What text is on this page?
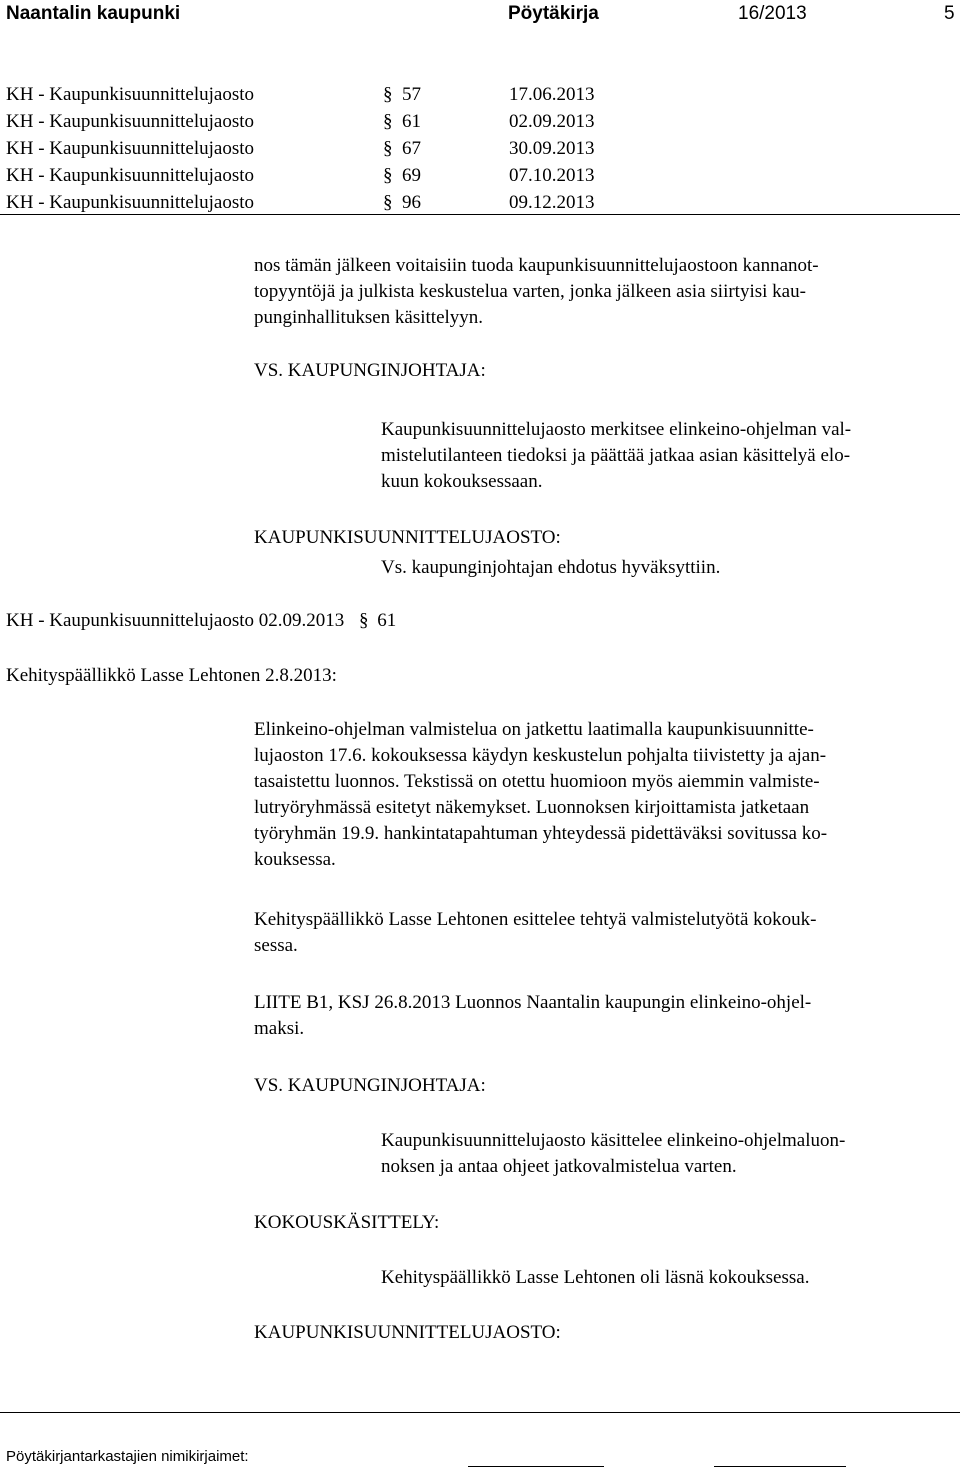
Naantalin kaupunki	Pöytäkirja	16/2013	5
KH - Kaupunkisuunnittelujaosto	§ 57	17.06.2013
KH - Kaupunkisuunnittelujaosto	§ 61	02.09.2013
KH - Kaupunkisuunnittelujaosto	§ 67	30.09.2013
KH - Kaupunkisuunnittelujaosto	§ 69	07.10.2013
KH - Kaupunkisuunnittelujaosto	§ 96	09.12.2013
nos tämän jälkeen voitaisiin tuoda kaupunkisuunnittelujaostoon kannanot-
topyyntöjä ja julkista keskustelua varten, jonka jälkeen asia siirtyisi kau-
punginhallituksen käsittelyyn.
VS. KAUPUNGINJOHTAJA:
Kaupunkisuunnittelujaosto merkitsee elinkeino-ohjelman val-
mistelutilanteen tiedoksi ja päättää jatkaa asian käsittelyä elo-
kuun kokouksessaan.
KAUPUNKISUUNNITTELUJAOSTO:
Vs. kaupunginjohtajan ehdotus hyväksyttiin.
KH - Kaupunkisuunnittelujaosto 02.09.2013 § 61
Kehityspäällikkö Lasse Lehtonen 2.8.2013:
Elinkeino-ohjelman valmistelua on jatkettu laatimalla kaupunkisuunnitte-
lujaoston 17.6. kokouksessa käydyn keskustelun pohjalta tiivistetty ja ajan-
tasaistettu luonnos. Tekstissä on otettu huomioon myös aiemmin valmiste-
lutryöryhmässä esitetyt näkemykset. Luonnoksen kirjoittamista jatketaan
työryhmän 19.9. hankintatapahtuman yhteydessä pidettäväksi sovitussa ko-
kouksessa.
Kehityspäällikkö Lasse Lehtonen esittelee tehtyä valmistelutyötä kokouk-
sessa.
LIITE B1, KSJ 26.8.2013 Luonnos Naantalin kaupungin elinkeino-ohjel-
maksi.
VS. KAUPUNGINJOHTAJA:
Kaupunkisuunnittelujaosto käsittelee elinkeino-ohjelmaluon-
noksen ja antaa ohjeet jatkovalmistelua varten.
KOKOUSKÄSITTELY:
Kehityspäällikkö Lasse Lehtonen oli läsnä kokouksessa.
KAUPUNKISUUNNITTELUJAOSTO:
Pöytäkirjantarkastajien nimikirjaimet:
